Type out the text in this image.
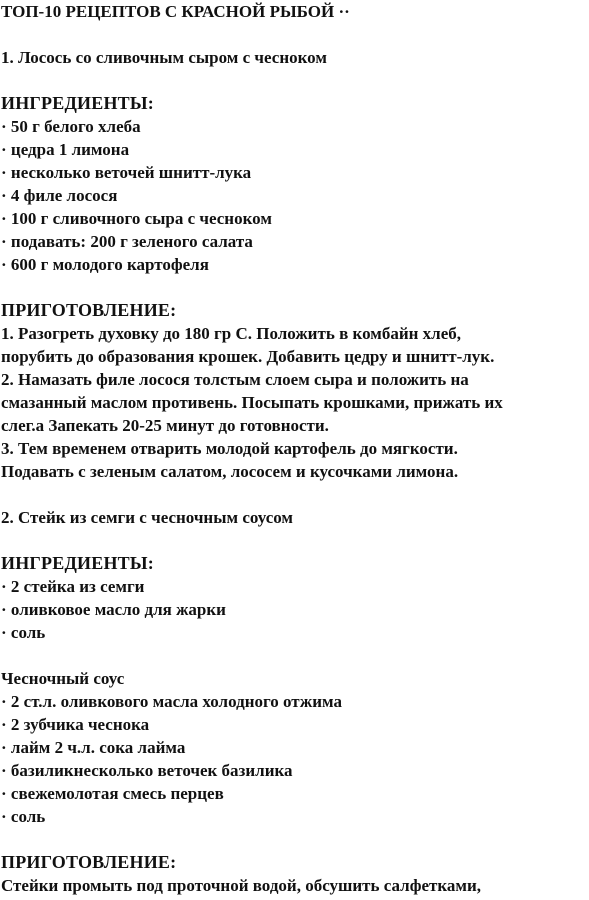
ТОП-10 РЕЦЕПТОВ С КРАСНОЙ РЫБОЙ ··
1. Лосось со сливочным сыром с чесноком
ИНГРЕДИЕНТЫ:
· 50 г белого хлеба
· цедра 1 лимона
· несколько веточей шнитт-лука
· 4 филе лосося
· 100 г сливочного сыра с чесноком
· подавать: 200 г зеленого салата
· 600 г молодого картофеля
ПРИГОТОВЛЕНИЕ:
1. Разогреть духовку до 180 гр С. Положить в комбайн хлеб,
порубить до образования крошек. Добавить цедру и шнитт-лук.
2. Намазать филе лосося толстым слоем сыра и положить на
смазанный маслом противень. Посыпать крошками, прижать их
слег.а Запекать 20-25 минут до готовности.
3. Тем временем отварить молодой картофель до мягкости.
Подавать с зеленым салатом, лососем и кусочками лимона.
2. Стейк из семги с чесночным соусом
ИНГРЕДИЕНТЫ:
· 2 стейка из семги
· оливковое масло для жарки
· соль
Чесночный соус
· 2 ст.л. оливкового масла холодного отжима
· 2 зубчика чеснока
· лайм 2 ч.л. сока лайма
· базиликнесколько веточек базилика
· свежемолотая смесь перцев
· соль
ПРИГОТОВЛЕНИЕ:
Стейки промыть под проточной водой, обсушить салфетками,
